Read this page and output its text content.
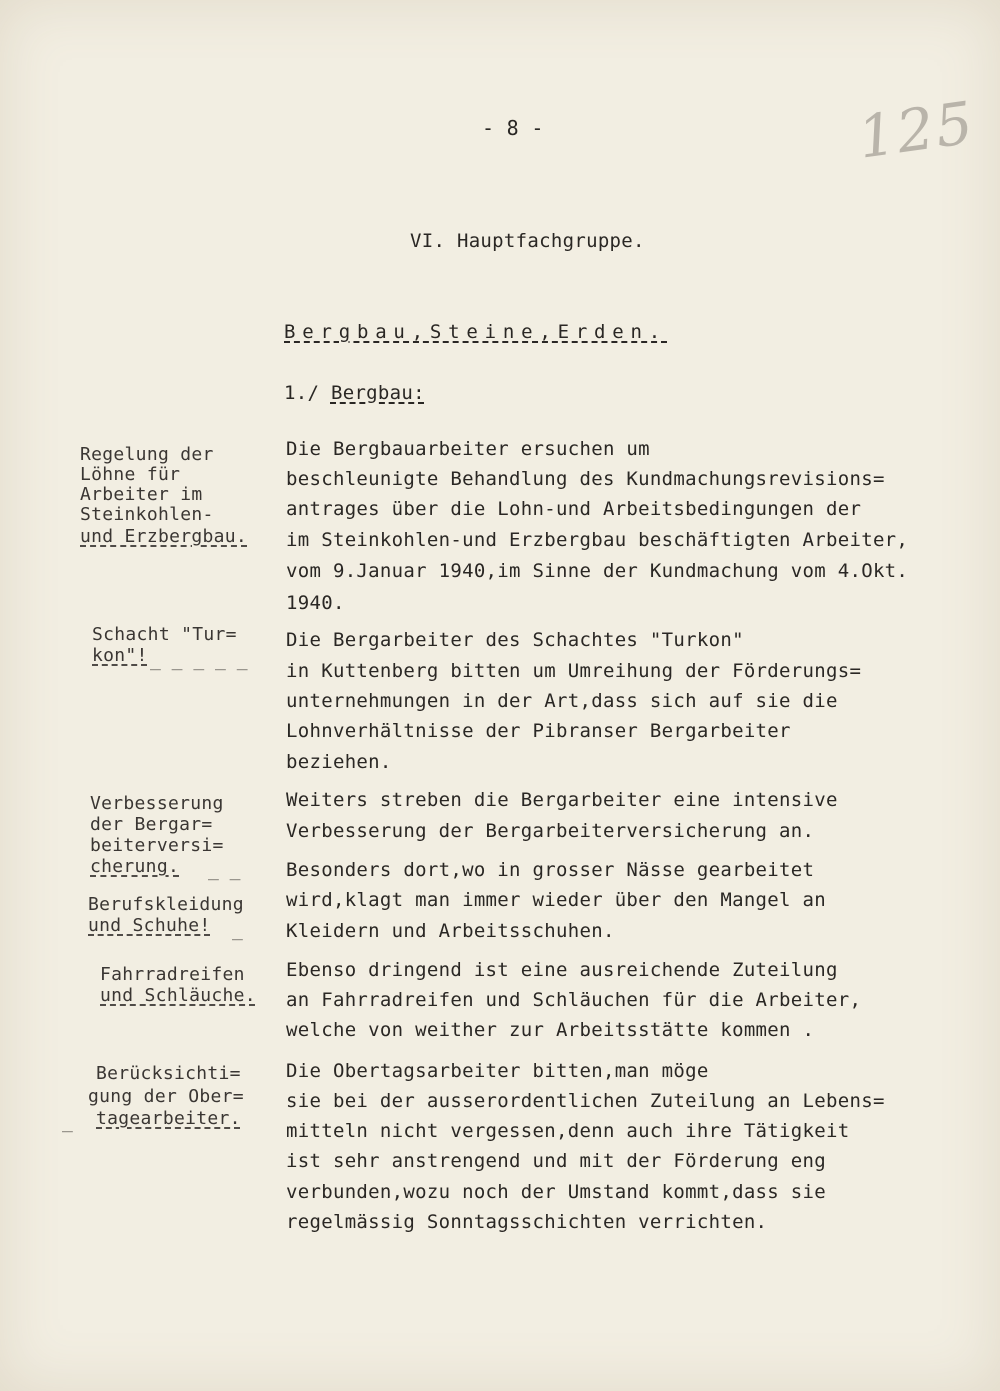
- 8 -	125
VI. Hauptfachgruppe.
Bergbau,Steine,Erden.
1./ Bergbau:
Regelung der
Löhne für
Arbeiter im
Steinkohlen-
und Erzbergbau.
Schacht "Tur=
kon"! _ _ _ _ _
Verbesserung
der Bergar=
beiterversi=
cherung. _ _
Berufskleidung
und Schuhe! _
Fahrradreifen
und Schläuche.
Berücksichti=
gung der Ober=
tagearbeiter.
_
Die Bergbauarbeiter ersuchen um
beschleunigte Behandlung des Kundmachungsrevisions=
antrages über die Lohn-und Arbeitsbedingungen der
im Steinkohlen-und Erzbergbau beschäftigten Arbeiter,
vom 9.Januar 1940,im Sinne der Kundmachung vom 4.Okt.
1940.
Die Bergarbeiter des Schachtes "Turkon"
in Kuttenberg bitten um Umreihung der Förderungs=
unternehmungen in der Art,dass sich auf sie die
Lohnverhältnisse der Pibranser Bergarbeiter
beziehen.
Weiters streben die Bergarbeiter eine intensive
Verbesserung der Bergarbeiterversicherung an.
Besonders dort,wo in grosser Nässe gearbeitet
wird,klagt man immer wieder über den Mangel an
Kleidern und Arbeitsschuhen.
Ebenso dringend ist eine ausreichende Zuteilung
an Fahrradreifen und Schläuchen für die Arbeiter,
welche von weither zur Arbeitsstätte kommen .
Die Obertagsarbeiter bitten,man möge
sie bei der ausserordentlichen Zuteilung an Lebens=
mitteln nicht vergessen,denn auch ihre Tätigkeit
ist sehr anstrengend und mit der Förderung eng
verbunden,wozu noch der Umstand kommt,dass sie
regelmässig Sonntagsschichten verrichten.
